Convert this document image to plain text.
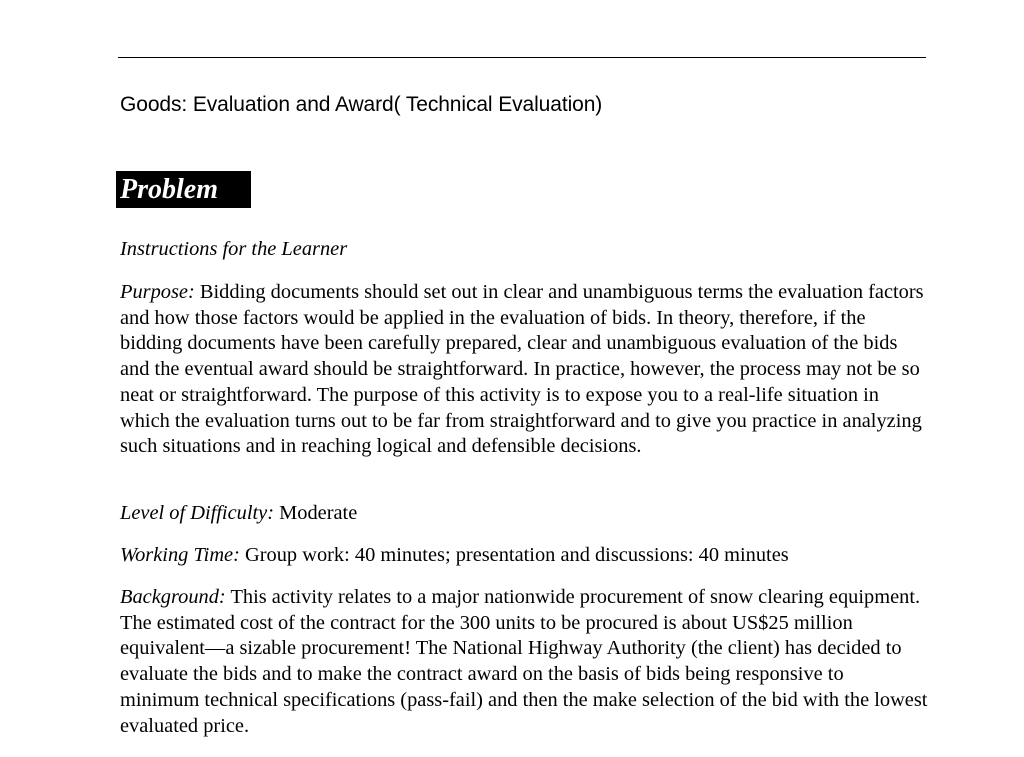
Goods: Evaluation and Award( Technical Evaluation)
Problem

Instructions for the Learner

Purpose: Bidding documents should set out in clear and unambiguous terms the evaluation factors and how those factors would be applied in the evaluation of bids. In theory, therefore, if the bidding documents have been carefully prepared, clear and unambiguous evaluation of the bids and the eventual award should be straightforward. In practice, however, the process may not be so neat or straightforward. The purpose of this activity is to expose you to a real-life situation in which the evaluation turns out to be far from straightforward and to give you practice in analyzing such situations and in reaching logical and defensible decisions.

Level of Difficulty: Moderate

Working Time: Group work: 40 minutes; presentation and discussions: 40 minutes

Background: This activity relates to a major nationwide procurement of snow clearing equipment. The estimated cost of the contract for the 300 units to be procured is about US$25 million equivalent—a sizable procurement! The National Highway Authority (the client) has decided to evaluate the bids and to make the contract award on the basis of bids being responsive to minimum technical specifications (pass-fail) and then the make selection of the bid with the lowest evaluated price.
